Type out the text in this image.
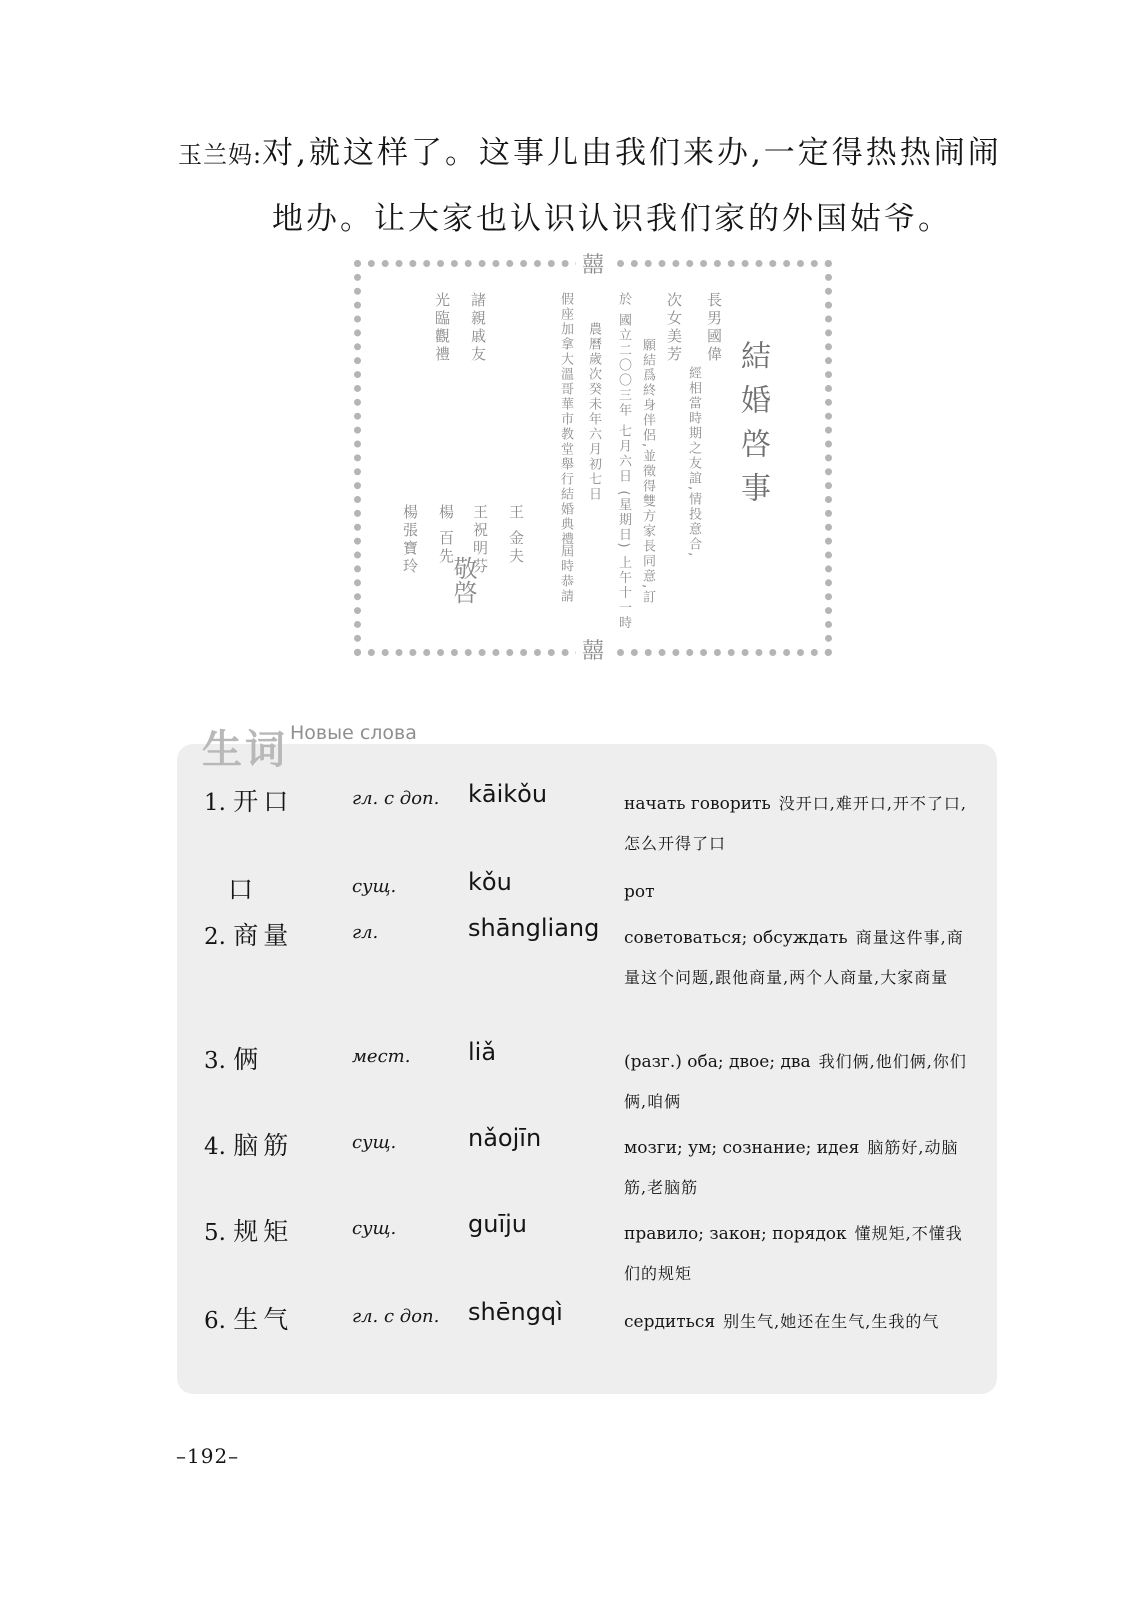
玉兰妈:对,就这样了。这事儿由我们来办,一定得热热闹闹
地办。让大家也认识认识我们家的外国姑爷。
囍
囍
結婚啓事
長男國偉
經相當時期之友誼,情投意合,
次女美芳
願結爲終身伴侶,並徵得雙方家長同意,訂
於 國立二〇〇三年 七月六日 (星期日) 上午十一時
農曆歲次癸未年六月初七日
假座加拿大溫哥華市教堂舉行結婚典禮
屆時恭請
諸親戚友
光臨觀禮
王 金夫
王祝明芬
楊 百先
楊張寶玲
敬啓
生词 Новые слова
1. 开口	гл. с доп. kāikǒu	начать говорить 没开口,难开口,开不了口,怎么开得了口
口	сущ.	kǒu	рот
2. 商量	гл.	shāngliang советоваться; обсуждать 商量这件事,商量这个问题,跟他商量,两个人商量,大家商量
3. 俩	мест. liǎ	(разг.) оба; двое; два 我们俩,他们俩,你们俩,咱俩
4. 脑筋	сущ.	nǎojīn	мозги; ум; сознание; идея 脑筋好,动脑筋,老脑筋
5. 规矩	сущ.	guīju	правило; закон; порядок 懂规矩,不懂我们的规矩
6. 生气	гл. с доп. shēngqì	сердиться 别生气,她还在生气,生我的气
–192–
